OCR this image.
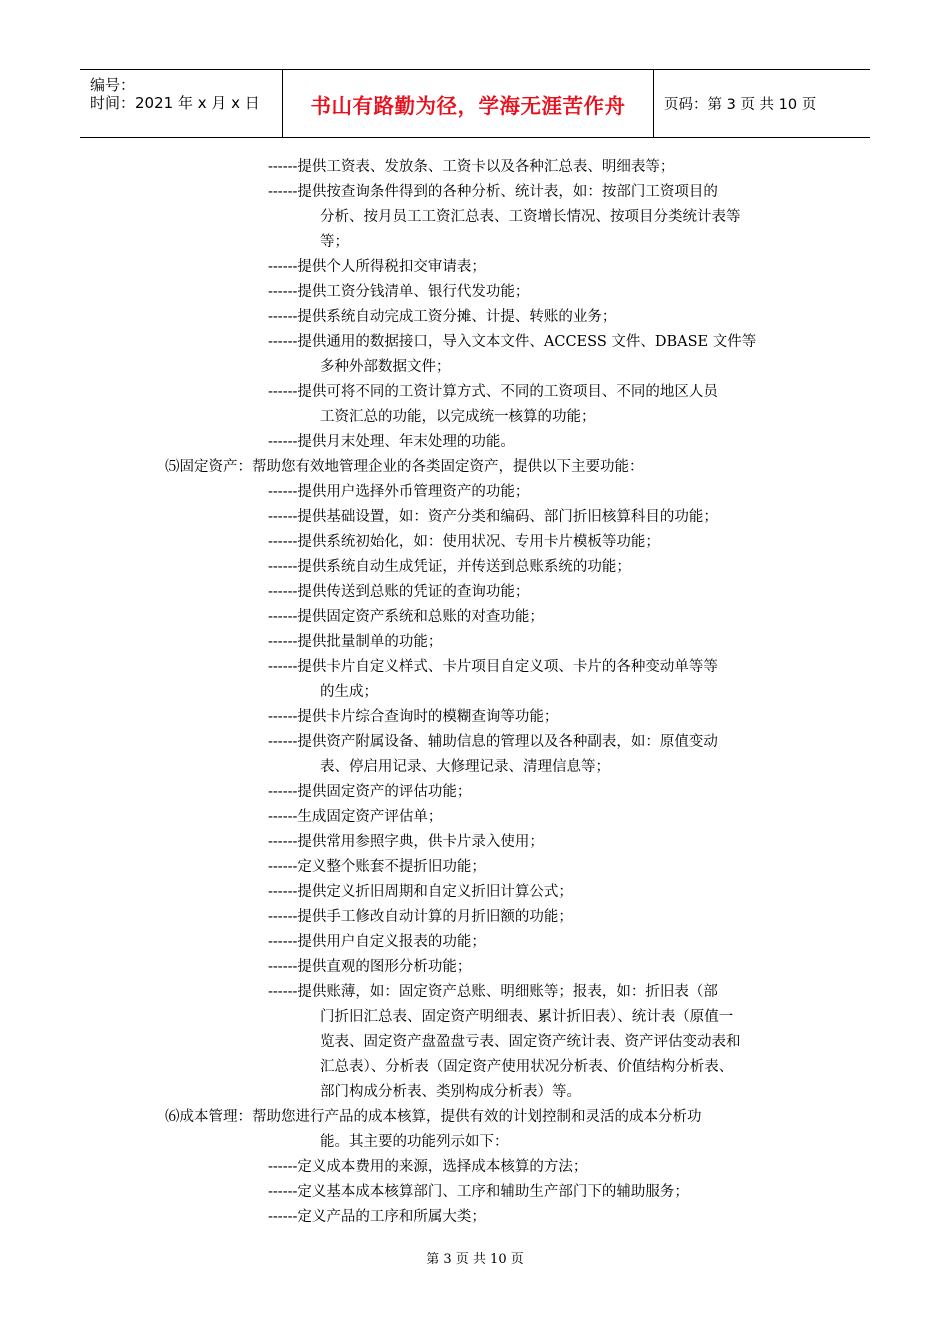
编号：
时间：2021 年 x 月 x 日	书山有路勤为径，学海无涯苦作舟	页码：第 3 页 共 10 页
------提供工资表、发放条、工资卡以及各种汇总表、明细表等；
------提供按查询条件得到的各种分析、统计表，如：按部门工资项目的
分析、按月员工工资汇总表、工资增长情况、按项目分类统计表等
等；
------提供个人所得税扣交审请表；
------提供工资分钱清单、银行代发功能；
------提供系统自动完成工资分摊、计提、转账的业务；
------提供通用的数据接口，导入文本文件、ACCESS 文件、DBASE 文件等
多种外部数据文件；
------提供可将不同的工资计算方式、不同的工资项目、不同的地区人员
工资汇总的功能，以完成统一核算的功能；
------提供月末处理、年末处理的功能。
⑸固定资产：帮助您有效地管理企业的各类固定资产，提供以下主要功能：
------提供用户选择外币管理资产的功能；
------提供基础设置，如：资产分类和编码、部门折旧核算科目的功能；
------提供系统初始化，如：使用状况、专用卡片模板等功能；
------提供系统自动生成凭证，并传送到总账系统的功能；
------提供传送到总账的凭证的查询功能；
------提供固定资产系统和总账的对查功能；
------提供批量制单的功能；
------提供卡片自定义样式、卡片项目自定义项、卡片的各种变动单等等
的生成；
------提供卡片综合查询时的模糊查询等功能；
------提供资产附属设备、辅助信息的管理以及各种副表，如：原值变动
表、停启用记录、大修理记录、清理信息等；
------提供固定资产的评估功能；
------生成固定资产评估单；
------提供常用参照字典，供卡片录入使用；
------定义整个账套不提折旧功能；
------提供定义折旧周期和自定义折旧计算公式；
------提供手工修改自动计算的月折旧额的功能；
------提供用户自定义报表的功能；
------提供直观的图形分析功能；
------提供账薄，如：固定资产总账、明细账等；报表，如：折旧表（部
门折旧汇总表、固定资产明细表、累计折旧表）、统计表（原值一
览表、固定资产盘盈盘亏表、固定资产统计表、资产评估变动表和
汇总表）、分析表（固定资产使用状况分析表、价值结构分析表、
部门构成分析表、类别构成分析表）等。
⑹成本管理：帮助您进行产品的成本核算，提供有效的计划控制和灵活的成本分析功
能。其主要的功能列示如下：
------定义成本费用的来源，选择成本核算的方法；
------定义基本成本核算部门、工序和辅助生产部门下的辅助服务；
------定义产品的工序和所属大类；
第 3 页 共 10 页
